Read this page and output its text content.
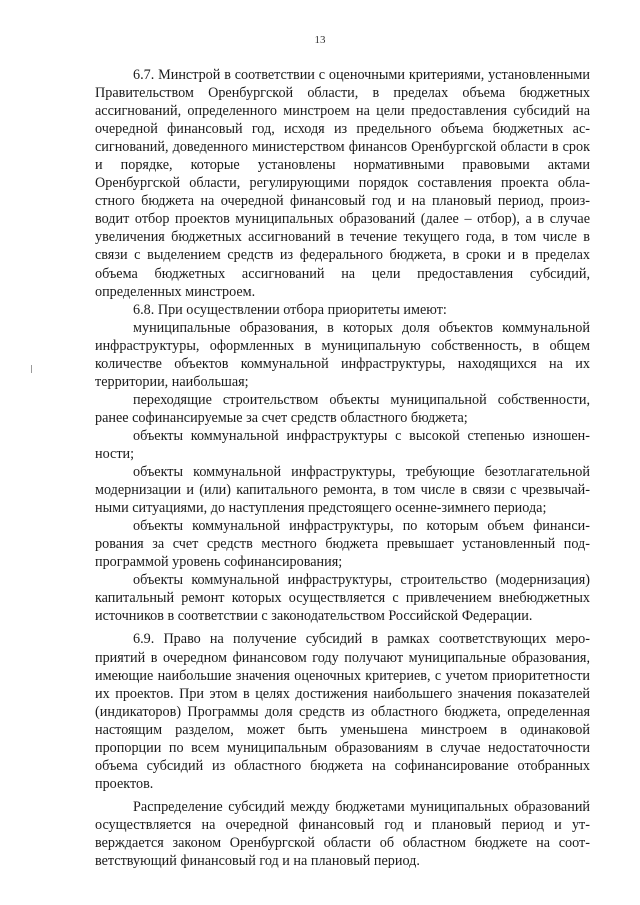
13

6.7. Минстрой в соответствии с оценочными критериями, установленными Правительством Оренбургской области, в пределах объема бюджетных ассигнований, определенного минстроем на цели предоставления субсидий на очередной финансовый год, исходя из предельного объема бюджетных ассигнований, доведенного министерством финансов Оренбургской области в срок и порядке, которые установлены нормативными правовыми актами Оренбургской области, регулирующими порядок составления проекта областного бюджета на очередной финансовый год и на плановый период, производит отбор проектов муниципальных образований (далее – отбор), а в случае увеличения бюджетных ассигнований в течение текущего года, в том числе в связи с выделением средств из федерального бюджета, в сроки и в пределах объема бюджетных ассигнований на цели предоставления субсидий, определенных минстроем.

6.8. При осуществлении отбора приоритеты имеют:

муниципальные образования, в которых доля объектов коммунальной инфраструктуры, оформленных в муниципальную собственность, в общем количестве объектов коммунальной инфраструктуры, находящихся на их территории, наибольшая;

переходящие строительством объекты муниципальной собственности, ранее софинансируемые за счет средств областного бюджета;

объекты коммунальной инфраструктуры с высокой степенью изношенности;

объекты коммунальной инфраструктуры, требующие безотлагательной модернизации и (или) капитального ремонта, в том числе в связи с чрезвычайными ситуациями, до наступления предстоящего осенне-зимнего периода;

объекты коммунальной инфраструктуры, по которым объем финансирования за счет средств местного бюджета превышает установленный подпрограммой уровень софинансирования;

объекты коммунальной инфраструктуры, строительство (модернизация) капитальный ремонт которых осуществляется с привлечением внебюджетных источников в соответствии с законодательством Российской Федерации.

6.9. Право на получение субсидий в рамках соответствующих мероприятий в очередном финансовом году получают муниципальные образования, имеющие наибольшие значения оценочных критериев, с учетом приоритетности их проектов. При этом в целях достижения наибольшего значения показателей (индикаторов) Программы доля средств из областного бюджета, определенная настоящим разделом, может быть уменьшена минстроем в одинаковой пропорции по всем муниципальным образованиям в случае недостаточности объема субсидий из областного бюджета на софинансирование отобранных проектов.

Распределение субсидий между бюджетами муниципальных образований осуществляется на очередной финансовый год и плановый период и утверждается законом Оренбургской области об областном бюджете на соответствующий финансовый год и на плановый период.
